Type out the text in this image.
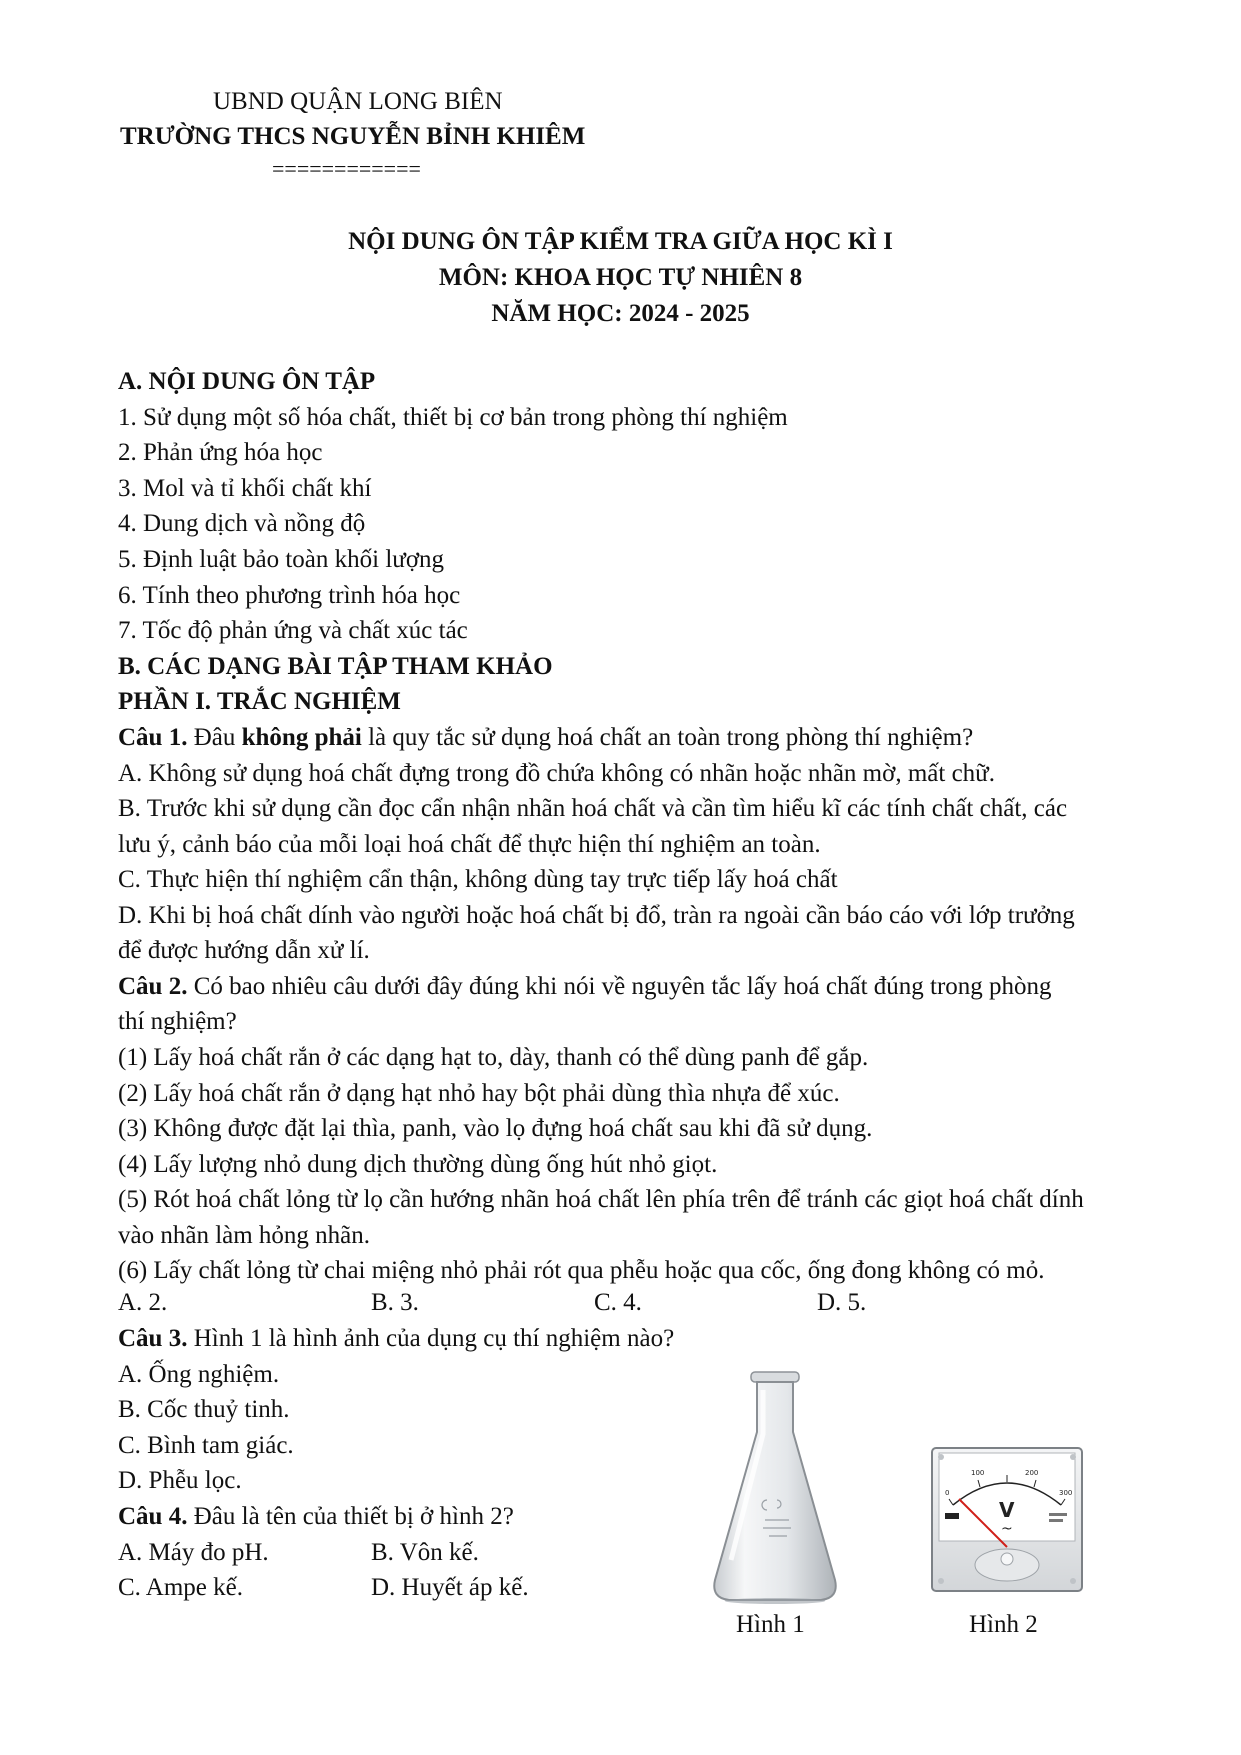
UBND QUẬN LONG BIÊN
TRƯỜNG THCS NGUYỄN BỈNH KHIÊM
============
NỘI DUNG ÔN TẬP KIỂM TRA GIỮA HỌC KÌ I
MÔN: KHOA HỌC TỰ NHIÊN 8
NĂM HỌC: 2024 - 2025
A. NỘI DUNG ÔN TẬP
1. Sử dụng một số hóa chất, thiết bị cơ bản trong phòng thí nghiệm
2. Phản ứng hóa học
3. Mol và tỉ khối chất khí
4. Dung dịch và nồng độ
5. Định luật bảo toàn khối lượng
6. Tính theo phương trình hóa học
7. Tốc độ phản ứng và chất xúc tác
B. CÁC DẠNG BÀI TẬP THAM KHẢO
PHẦN I. TRẮC NGHIỆM
Câu 1. Đâu không phải là quy tắc sử dụng hoá chất an toàn trong phòng thí nghiệm?
A. Không sử dụng hoá chất đựng trong đồ chứa không có nhãn hoặc nhãn mờ, mất chữ.
B. Trước khi sử dụng cần đọc cẩn nhận nhãn hoá chất và cần tìm hiểu kĩ các tính chất chất, các
lưu ý, cảnh báo của mỗi loại hoá chất để thực hiện thí nghiệm an toàn.
C. Thực hiện thí nghiệm cẩn thận, không dùng tay trực tiếp lấy hoá chất
D. Khi bị hoá chất dính vào người hoặc hoá chất bị đổ, tràn ra ngoài cần báo cáo với lớp trưởng
để được hướng dẫn xử lí.
Câu 2. Có bao nhiêu câu dưới đây đúng khi nói về nguyên tắc lấy hoá chất đúng trong phòng
thí nghiệm?
(1) Lấy hoá chất rắn ở các dạng hạt to, dày, thanh có thể dùng panh để gắp.
(2) Lấy hoá chất rắn ở dạng hạt nhỏ hay bột phải dùng thìa nhựa để xúc.
(3) Không được đặt lại thìa, panh, vào lọ đựng hoá chất sau khi đã sử dụng.
(4) Lấy lượng nhỏ dung dịch thường dùng ống hút nhỏ giọt.
(5) Rót hoá chất lỏng từ lọ cần hướng nhãn hoá chất lên phía trên để tránh các giọt hoá chất dính
vào nhãn làm hỏng nhãn.
(6) Lấy chất lỏng từ chai miệng nhỏ phải rót qua phễu hoặc qua cốc, ống đong không có mỏ.
A. 2.	B. 3.	C. 4.	D. 5.
Câu 3. Hình 1 là hình ảnh của dụng cụ thí nghiệm nào?
A. Ống nghiệm.
B. Cốc thuỷ tinh.
C. Bình tam giác.
D. Phễu lọc.
Câu 4. Đâu là tên của thiết bị ở hình 2?
A. Máy đo pH.	B. Vôn kế.
C. Ampe kế.	D. Huyết áp kế.
Hình 1
0
100	200
300
V
~
Hình 2
